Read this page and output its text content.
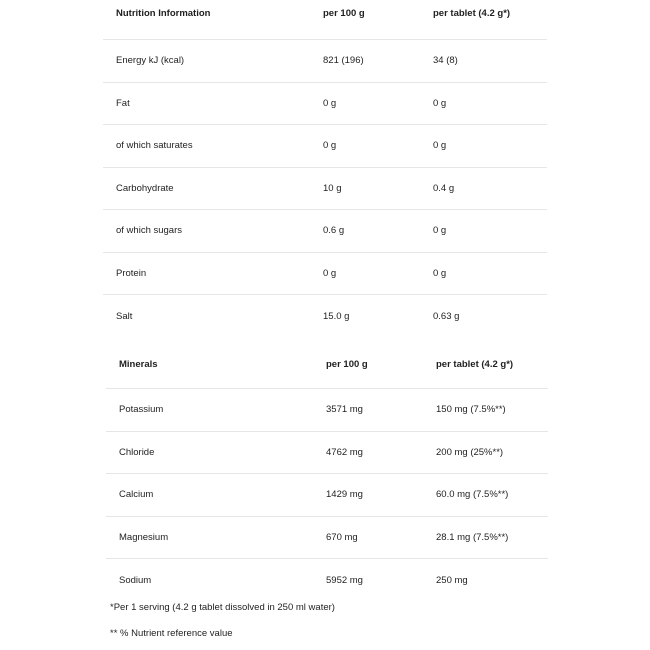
Nutrition Information	per 100 g	per tablet (4.2 g*)
Energy kJ (kcal)	821 (196)	34 (8)
Fat	0 g	0 g
of which saturates	0 g	0 g
Carbohydrate	10 g	0.4 g
of which sugars	0.6 g	0 g
Protein	0 g	0 g
Salt	15.0 g	0.63 g
Minerals	per 100 g	per tablet (4.2 g*)
Potassium	3571 mg	150 mg (7.5%**)
Chloride	4762 mg	200 mg (25%**)
Calcium	1429 mg	60.0 mg (7.5%**)
Magnesium	670 mg	28.1 mg (7.5%**)
Sodium	5952 mg	250 mg
*Per 1 serving (4.2 g tablet dissolved in 250 ml water)
** % Nutrient reference value
